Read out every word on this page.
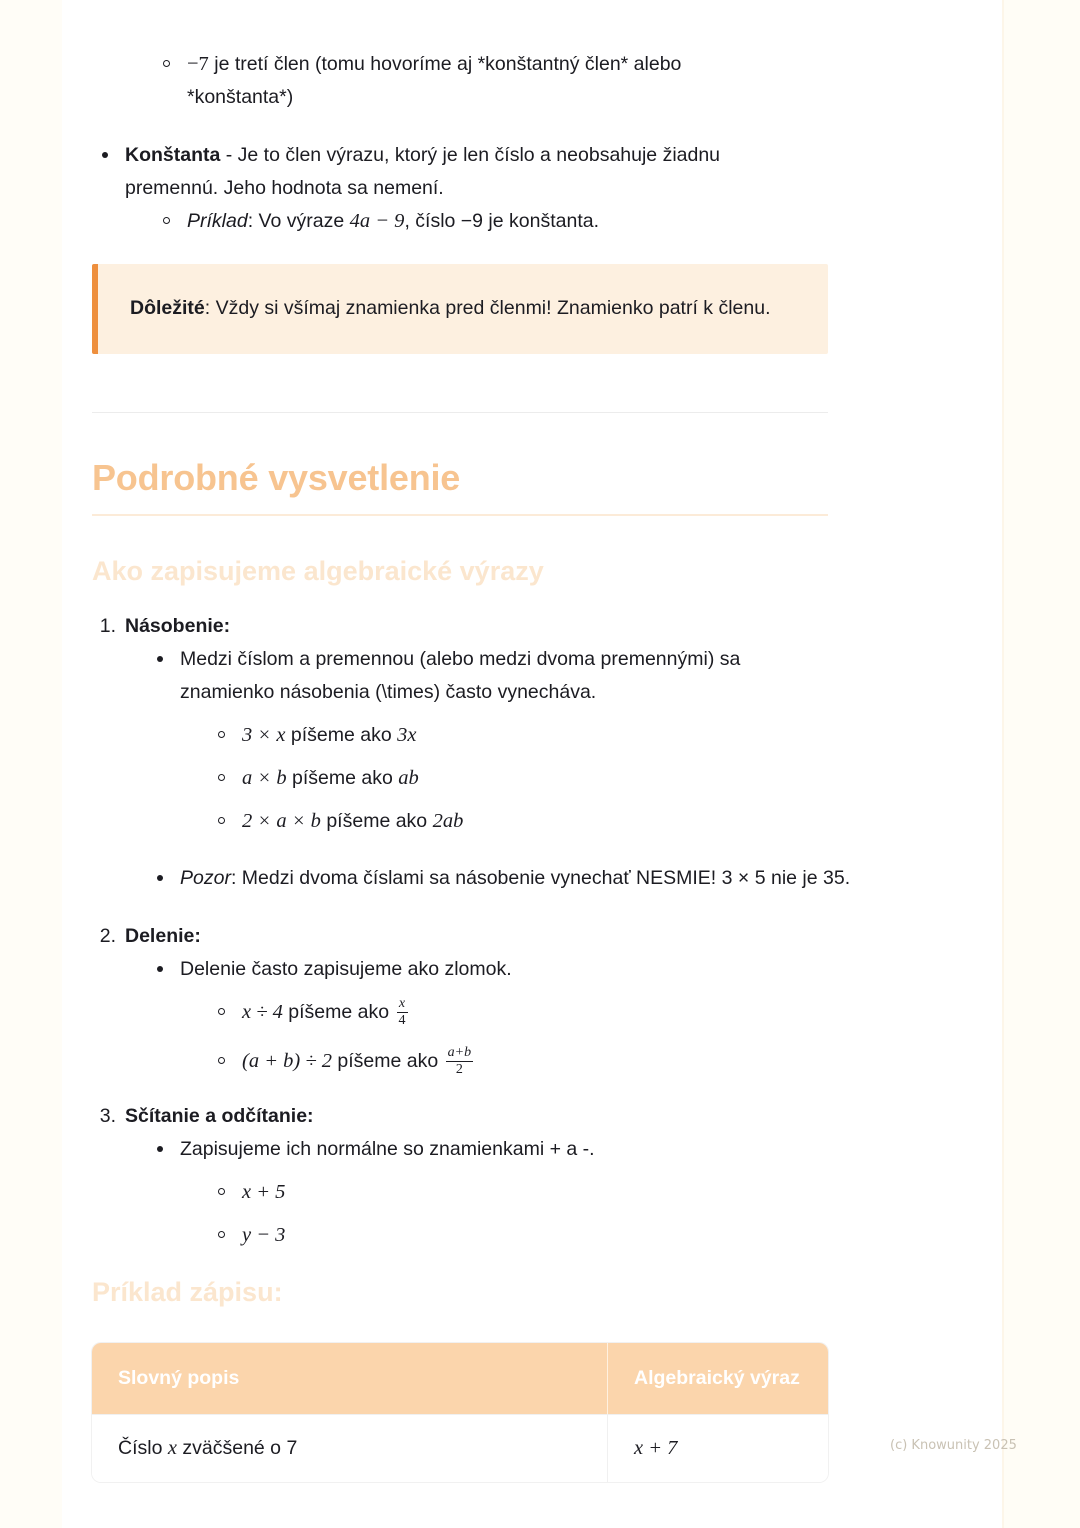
−7 je tretí člen (tomu hovoríme aj *konštantný člen* alebo *konštanta*)
Konštanta - Je to člen výrazu, ktorý je len číslo a neobsahuje žiadnu premennú. Jeho hodnota sa nemení.
Príklad: Vo výraze 4a − 9, číslo −9 je konštanta.

Dôležité: Vždy si všímaj znamienka pred členmi! Znamienko patrí k členu.

Podrobné vysvetlenie
Ako zapisujeme algebraické výrazy
1. Násobenie:
Medzi číslom a premennou (alebo medzi dvoma premennými) sa znamienko násobenia (\times) často vynecháva.
3 × x píšeme ako 3x
a × b píšeme ako ab
2 × a × b píšeme ako 2ab
Pozor: Medzi dvoma číslami sa násobenie vynechať NESMIE! 3 × 5 nie je 35.
2. Delenie:
Delenie často zapisujeme ako zlomok.
x ÷ 4 píšeme ako $\frac{x}{4}$
(a + b) ÷ 2 píšeme ako $\frac{a+b}{2}$
3. Sčítanie a odčítanie:
Zapisujeme ich normálne so znamienkami + a -.
x + 5
y − 3
Príklad zápisu:
Slovný popis	Algebraický výraz
Číslo x zväčšené o 7	x + 7	(c) Knowunity 2025
